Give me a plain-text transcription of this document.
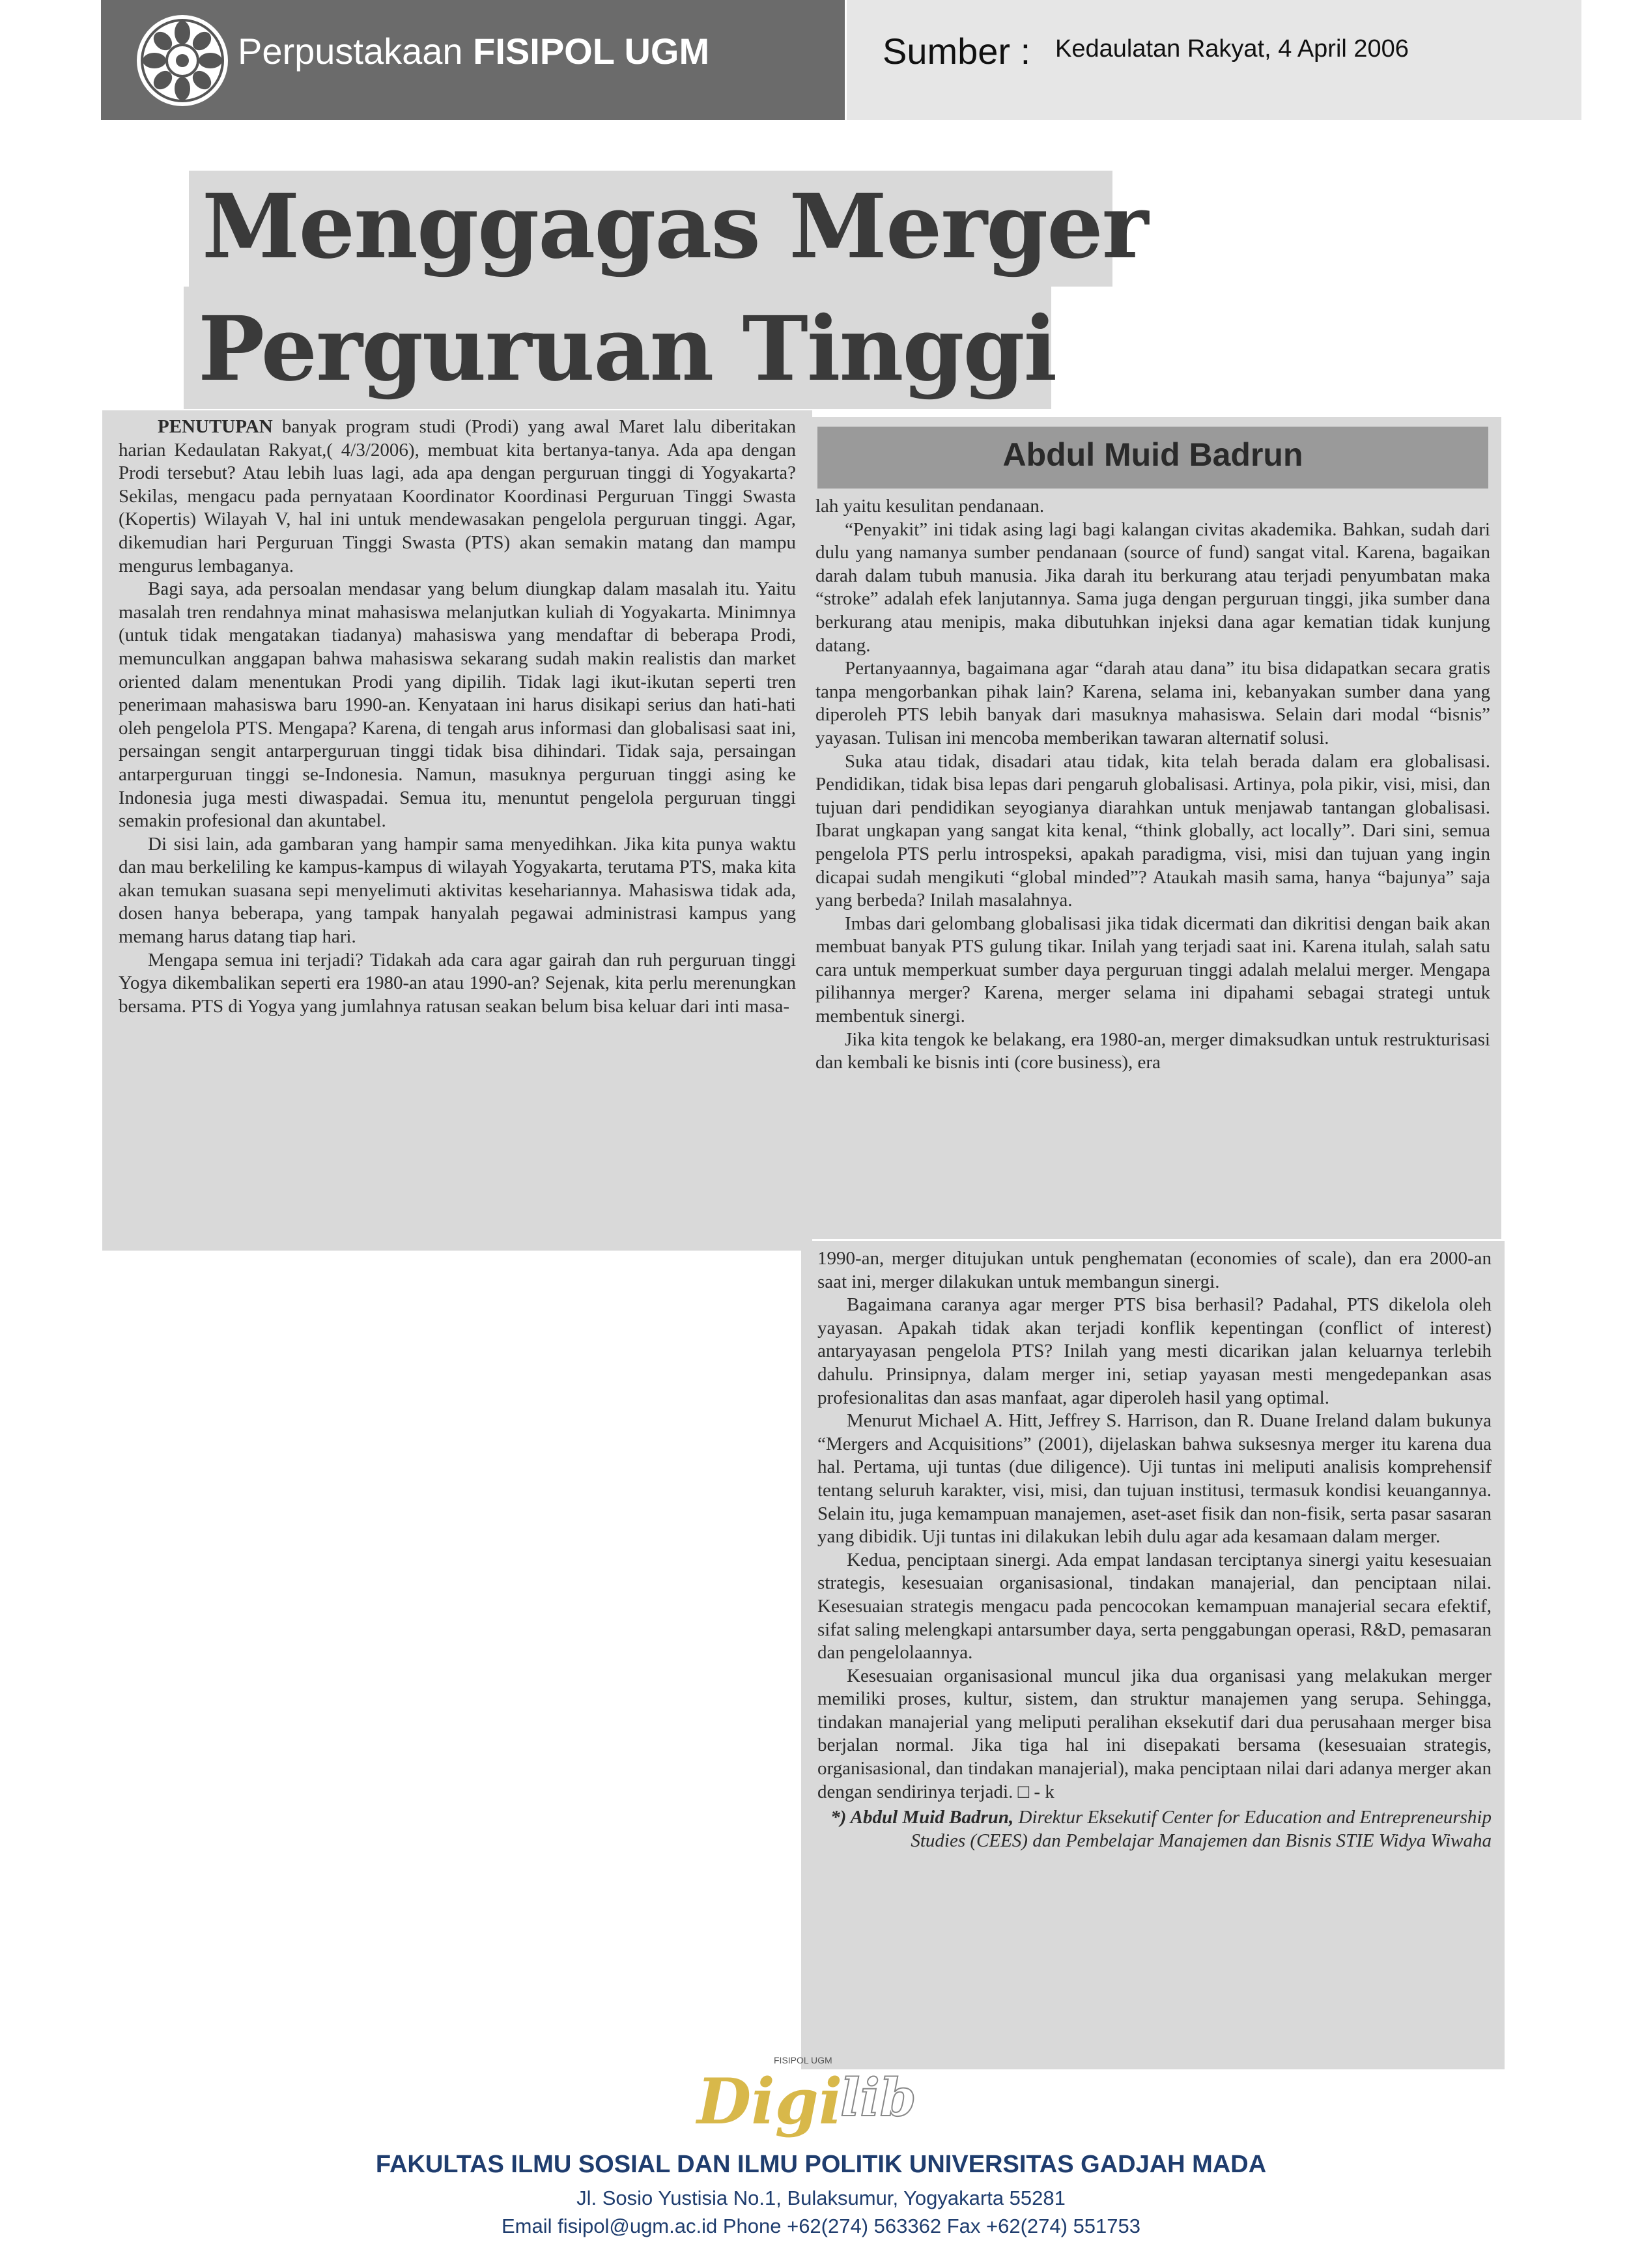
Perpustakaan FISIPOL UGM	Sumber : Kedaulatan Rakyat, 4 April 2006
Menggagas Merger
Perguruan Tinggi

PENUTUPAN banyak program studi (Prodi) yang awal Maret lalu diberitakan harian Kedaulatan Rakyat,( 4/3/2006), membuat kita bertanya-tanya. Ada apa dengan Prodi tersebut? Atau lebih luas lagi, ada apa dengan perguruan tinggi di Yogyakarta? Sekilas, mengacu pada pernyataan Koordinator Koordinasi Perguruan Tinggi Swasta (Kopertis) Wilayah V, hal ini untuk mendewasakan pengelola perguruan tinggi. Agar, dikemudian hari Perguruan Tinggi Swasta (PTS) akan semakin matang dan mampu mengurus lembaganya.

Bagi saya, ada persoalan mendasar yang belum diungkap dalam masalah itu. Yaitu masalah tren rendahnya minat mahasiswa melanjutkan kuliah di Yogyakarta. Minimnya (untuk tidak mengatakan tiadanya) mahasiswa yang mendaftar di beberapa Prodi, memunculkan anggapan bahwa mahasiswa sekarang sudah makin realistis dan market oriented dalam menentukan Prodi yang dipilih. Tidak lagi ikut-ikutan seperti tren penerimaan mahasiswa baru 1990-an. Kenyataan ini harus disikapi serius dan hati-hati oleh pengelola PTS. Mengapa? Karena, di tengah arus informasi dan globalisasi saat ini, persaingan sengit antarperguruan tinggi tidak bisa dihindari. Tidak saja, persaingan antarperguruan tinggi se-Indonesia. Namun, masuknya perguruan tinggi asing ke Indonesia juga mesti diwaspadai. Semua itu, menuntut pengelola perguruan tinggi semakin profesional dan akuntabel.

Di sisi lain, ada gambaran yang hampir sama menyedihkan. Jika kita punya waktu dan mau berkeliling ke kampus-kampus di wilayah Yogyakarta, terutama PTS, maka kita akan temukan suasana sepi menyelimuti aktivitas kesehariannya. Mahasiswa tidak ada, dosen hanya beberapa, yang tampak hanyalah pegawai administrasi kampus yang memang harus datang tiap hari.

Mengapa semua ini terjadi? Tidakah ada cara agar gairah dan ruh perguruan tinggi Yogya dikembalikan seperti era 1980-an atau 1990-an? Sejenak, kita perlu merenungkan bersama. PTS di Yogya yang jumlahnya ratusan seakan belum bisa keluar dari inti masa-

Abdul Muid Badrun

lah yaitu kesulitan pendanaan.

“Penyakit” ini tidak asing lagi bagi kalangan civitas akademika. Bahkan, sudah dari dulu yang namanya sumber pendanaan (source of fund) sangat vital. Karena, bagaikan darah dalam tubuh manusia. Jika darah itu berkurang atau terjadi penyumbatan maka “stroke” adalah efek lanjutannya. Sama juga dengan perguruan tinggi, jika sumber dana berkurang atau menipis, maka dibutuhkan injeksi dana agar kematian tidak kunjung datang.

Pertanyaannya, bagaimana agar “darah atau dana” itu bisa didapatkan secara gratis tanpa mengorbankan pihak lain? Karena, selama ini, kebanyakan sumber dana yang diperoleh PTS lebih banyak dari masuknya mahasiswa. Selain dari modal “bisnis” yayasan. Tulisan ini mencoba memberikan tawaran alternatif solusi.

Suka atau tidak, disadari atau tidak, kita telah berada dalam era globalisasi. Pendidikan, tidak bisa lepas dari pengaruh globalisasi. Artinya, pola pikir, visi, misi, dan tujuan dari pendidikan seyogianya diarahkan untuk menjawab tantangan globalisasi. Ibarat ungkapan yang sangat kita kenal, “think globally, act locally”. Dari sini, semua pengelola PTS perlu introspeksi, apakah paradigma, visi, misi dan tujuan yang ingin dicapai sudah mengikuti “global minded”? Ataukah masih sama, hanya “bajunya” saja yang berbeda? Inilah masalahnya.

Imbas dari gelombang globalisasi jika tidak dicermati dan dikritisi dengan baik akan membuat banyak PTS gulung tikar. Inilah yang terjadi saat ini. Karena itulah, salah satu cara untuk memperkuat sumber daya perguruan tinggi adalah melalui merger. Mengapa pilihannya merger? Karena, merger selama ini dipahami sebagai strategi untuk membentuk sinergi.

Jika kita tengok ke belakang, era 1980-an, merger dimaksudkan untuk restrukturisasi dan kembali ke bisnis inti (core business), era

1990-an, merger ditujukan untuk penghematan (economies of scale), dan era 2000-an saat ini, merger dilakukan untuk membangun sinergi.

Bagaimana caranya agar merger PTS bisa berhasil? Padahal, PTS dikelola oleh yayasan. Apakah tidak akan terjadi konflik kepentingan (conflict of interest) antaryayasan pengelola PTS? Inilah yang mesti dicarikan jalan keluarnya terlebih dahulu. Prinsipnya, dalam merger ini, setiap yayasan mesti mengedepankan asas profesionalitas dan asas manfaat, agar diperoleh hasil yang optimal.

Menurut Michael A. Hitt, Jeffrey S. Harrison, dan R. Duane Ireland dalam bukunya “Mergers and Acquisitions” (2001), dijelaskan bahwa suksesnya merger itu karena dua hal. Pertama, uji tuntas (due diligence). Uji tuntas ini meliputi analisis komprehensif tentang seluruh karakter, visi, misi, dan tujuan institusi, termasuk kondisi keuangannya. Selain itu, juga kemampuan manajemen, aset-aset fisik dan non-fisik, serta pasar sasaran yang dibidik. Uji tuntas ini dilakukan lebih dulu agar ada kesamaan dalam merger.

Kedua, penciptaan sinergi. Ada empat landasan terciptanya sinergi yaitu kesesuaian strategis, kesesuaian organisasional, tindakan manajerial, dan penciptaan nilai. Kesesuaian strategis mengacu pada pencocokan kemampuan manajerial secara efektif, sifat saling melengkapi antarsumber daya, serta penggabungan operasi, R&D, pemasaran dan pengelolaannya.

Kesesuaian organisasional muncul jika dua organisasi yang melakukan merger memiliki proses, kultur, sistem, dan struktur manajemen yang serupa. Sehingga, tindakan manajerial yang meliputi peralihan eksekutif dari dua perusahaan merger bisa berjalan normal. Jika tiga hal ini disepakati bersama (kesesuaian strategis, organisasional, dan tindakan manajerial), maka penciptaan nilai dari adanya merger akan dengan sendirinya terjadi. □ - k

*) Abdul Muid Badrun, Direktur Eksekutif Center for Education and Entrepreneurship Studies (CEES) dan Pembelajar Manajemen dan Bisnis STIE Widya Wiwaha

FISIPOL UGM
Digi
lib
FAKULTAS ILMU SOSIAL DAN ILMU POLITIK UNIVERSITAS GADJAH MADA
Jl. Sosio Yustisia No.1, Bulaksumur, Yogyakarta 55281
Email fisipol@ugm.ac.id Phone +62(274) 563362 Fax +62(274) 551753
